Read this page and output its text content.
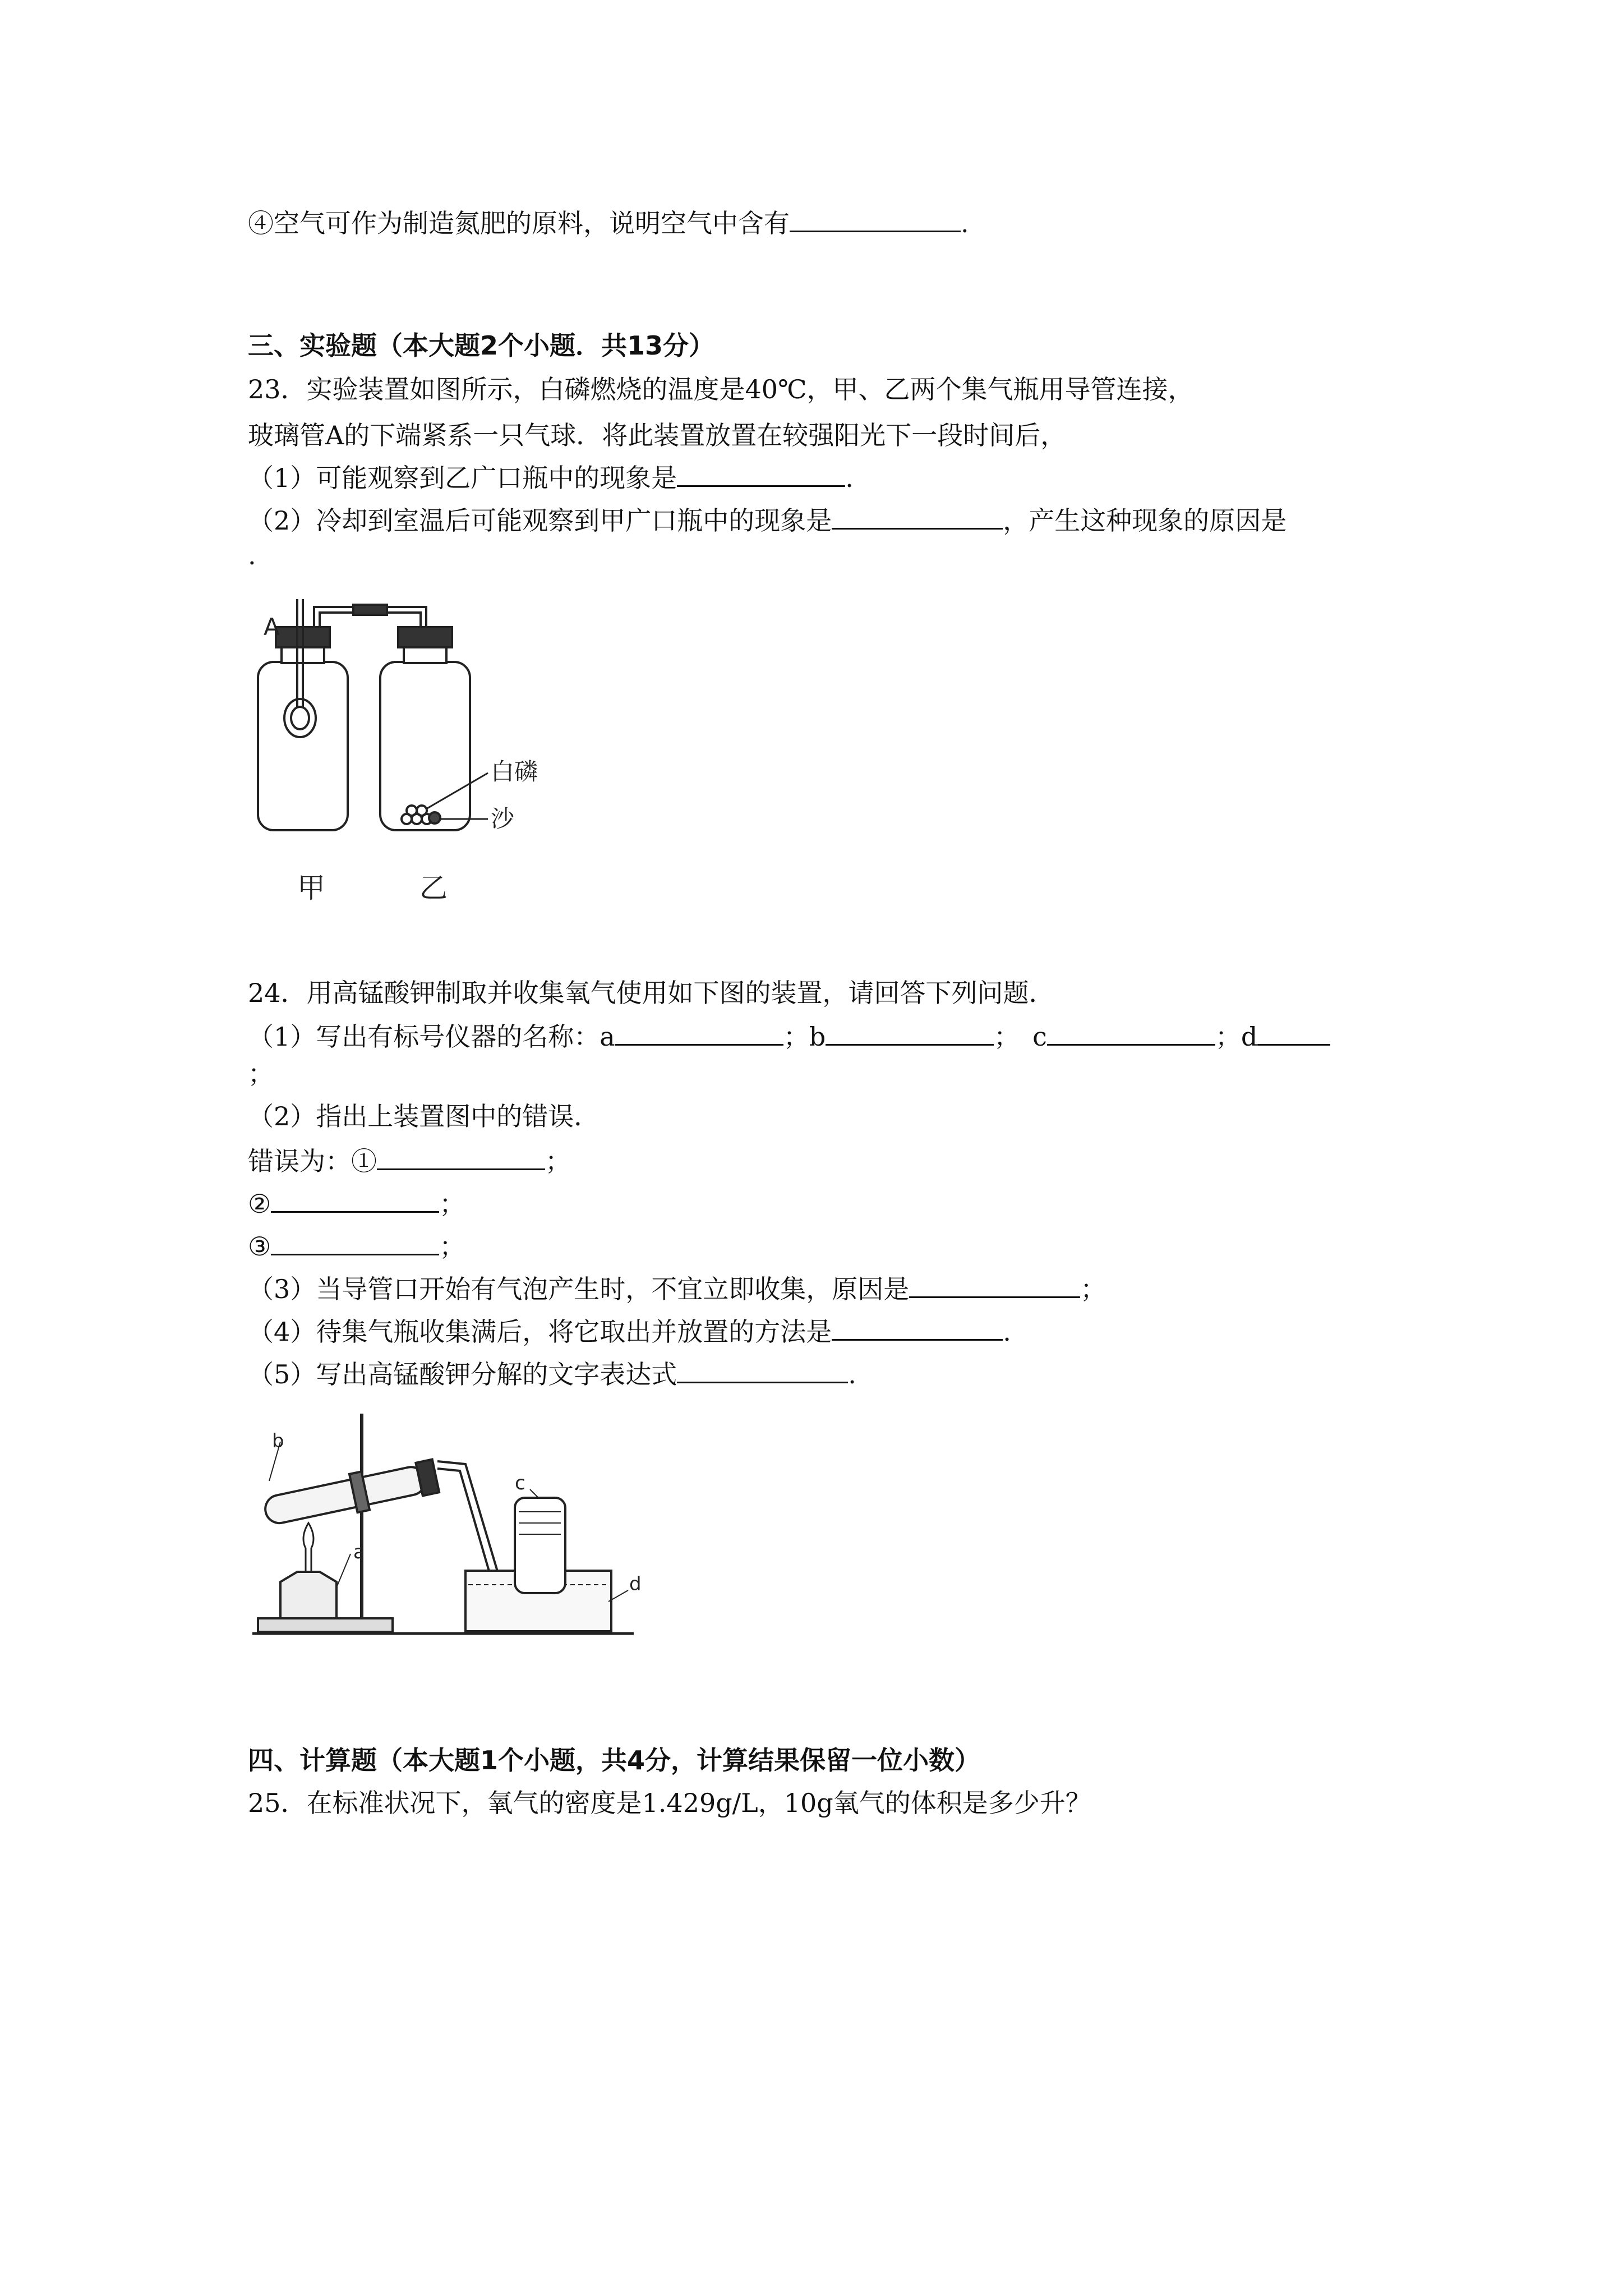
④空气可作为制造氮肥的原料，说明空气中含有	.
三、实验题（本大题2个小题．共13分）
23．实验装置如图所示，白磷燃烧的温度是40℃，甲、乙两个集气瓶用导管连接，
玻璃管A的下端紧系一只气球．将此装置放置在较强阳光下一段时间后，
（1）可能观察到乙广口瓶中的现象是	.
（2）冷却到室温后可能观察到甲广口瓶中的现象是	，产生这种现象的原因是
.
A
白磷
沙
甲	乙
24．用高锰酸钾制取并收集氧气使用如下图的装置，请回答下列问题．
（1）写出有标号仪器的名称：a	；b	；　c	；d
；
（2）指出上装置图中的错误．
错误为：①	；
②	；
③	；
（3）当导管口开始有气泡产生时，不宜立即收集，原因是	；
（4）待集气瓶收集满后，将它取出并放置的方法是	.
（5）写出高锰酸钾分解的文字表达式	.
a
b
c
d
四、计算题（本大题1个小题，共4分，计算结果保留一位小数）
25．在标准状况下，氧气的密度是1.429g/L，10g氧气的体积是多少升？
